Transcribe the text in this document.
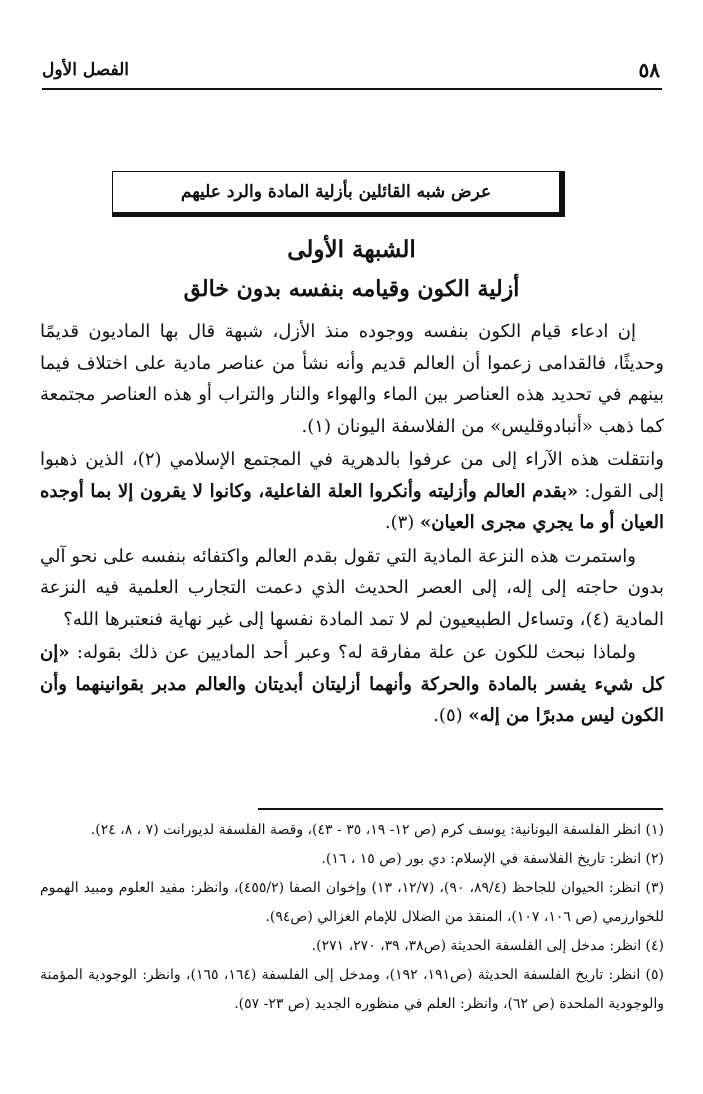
الفصل الأول	٥٨
عرض شبه القائلين بأزلية المادة والرد عليهم
الشبهة الأولى
أزلية الكون وقيامه بنفسه بدون خالق

إن ادعاء قيام الكون بنفسه ووجوده منذ الأزل، شبهة قال بها الماديون قديمًا وحديثًا، فالقدامى زعموا أن العالم قديم وأنه نشأ من عناصر مادية على اختلاف فيما بينهم في تحديد هذه العناصر بين الماء والهواء والنار والتراب أو هذه العناصر مجتمعة كما ذهب «أنبادوقليس» من الفلاسفة اليونان (١).

وانتقلت هذه الآراء إلى من عرفوا بالدهرية في المجتمع الإسلامي (٢)، الذين ذهبوا إلى القول: «بقدم العالم وأزليته وأنكروا العلة الفاعلية، وكانوا لا يقرون إلا بما أوجده العيان أو ما يجري مجرى العيان» (٣).

واستمرت هذه النزعة المادية التي تقول بقدم العالم واكتفائه بنفسه على نحو آلي بدون حاجته إلى إله، إلى العصر الحديث الذي دعمت التجارب العلمية فيه النزعة المادية (٤)، وتساءل الطبيعيون لم لا تمد المادة نفسها إلى غير نهاية فنعتبرها الله؟

ولماذا نبحث للكون عن علة مفارقة له؟ وعبر أحد الماديين عن ذلك بقوله: «إن كل شيء يفسر بالمادة والحركة وأنهما أزليتان أبديتان والعالم مدبر بقوانينهما وأن الكون ليس مدبرًا من إله» (٥).

(١) انظر الفلسفة اليونانية: يوسف كرم (ص ١٢- ١٩، ٣٥ - ٤٣)، وقصة الفلسفة لديورانت (٧ ، ٨، ٢٤).
(٢) انظر: تاريخ الفلاسفة في الإسلام: دي بور (ص ١٥ ، ١٦).
(٣) انظر: الحيوان للجاحظ (٨٩/٤، ٩٠)، (١٢/٧، ١٣) وإخوان الصفا (٤٥٥/٢)، وانظر: مفيد العلوم ومبيد الهموم للخوارزمي (ص ١٠٦، ١٠٧)، المنقذ من الضلال للإمام الغزالي (ص٩٤).
(٤) انظر: مدخل إلى الفلسفة الحديثة (ص٣٨، ٣٩، ٢٧٠، ٢٧١).
(٥) انظر: تاريخ الفلسفة الحديثة (ص١٩١، ١٩٢)، ومدخل إلى الفلسفة (١٦٤، ١٦٥)، وانظر: الوجودية المؤمنة والوجودية الملحدة (ص ٦٢)، وانظر: العلم في منظوره الجديد (ص ٢٣- ٥٧).
